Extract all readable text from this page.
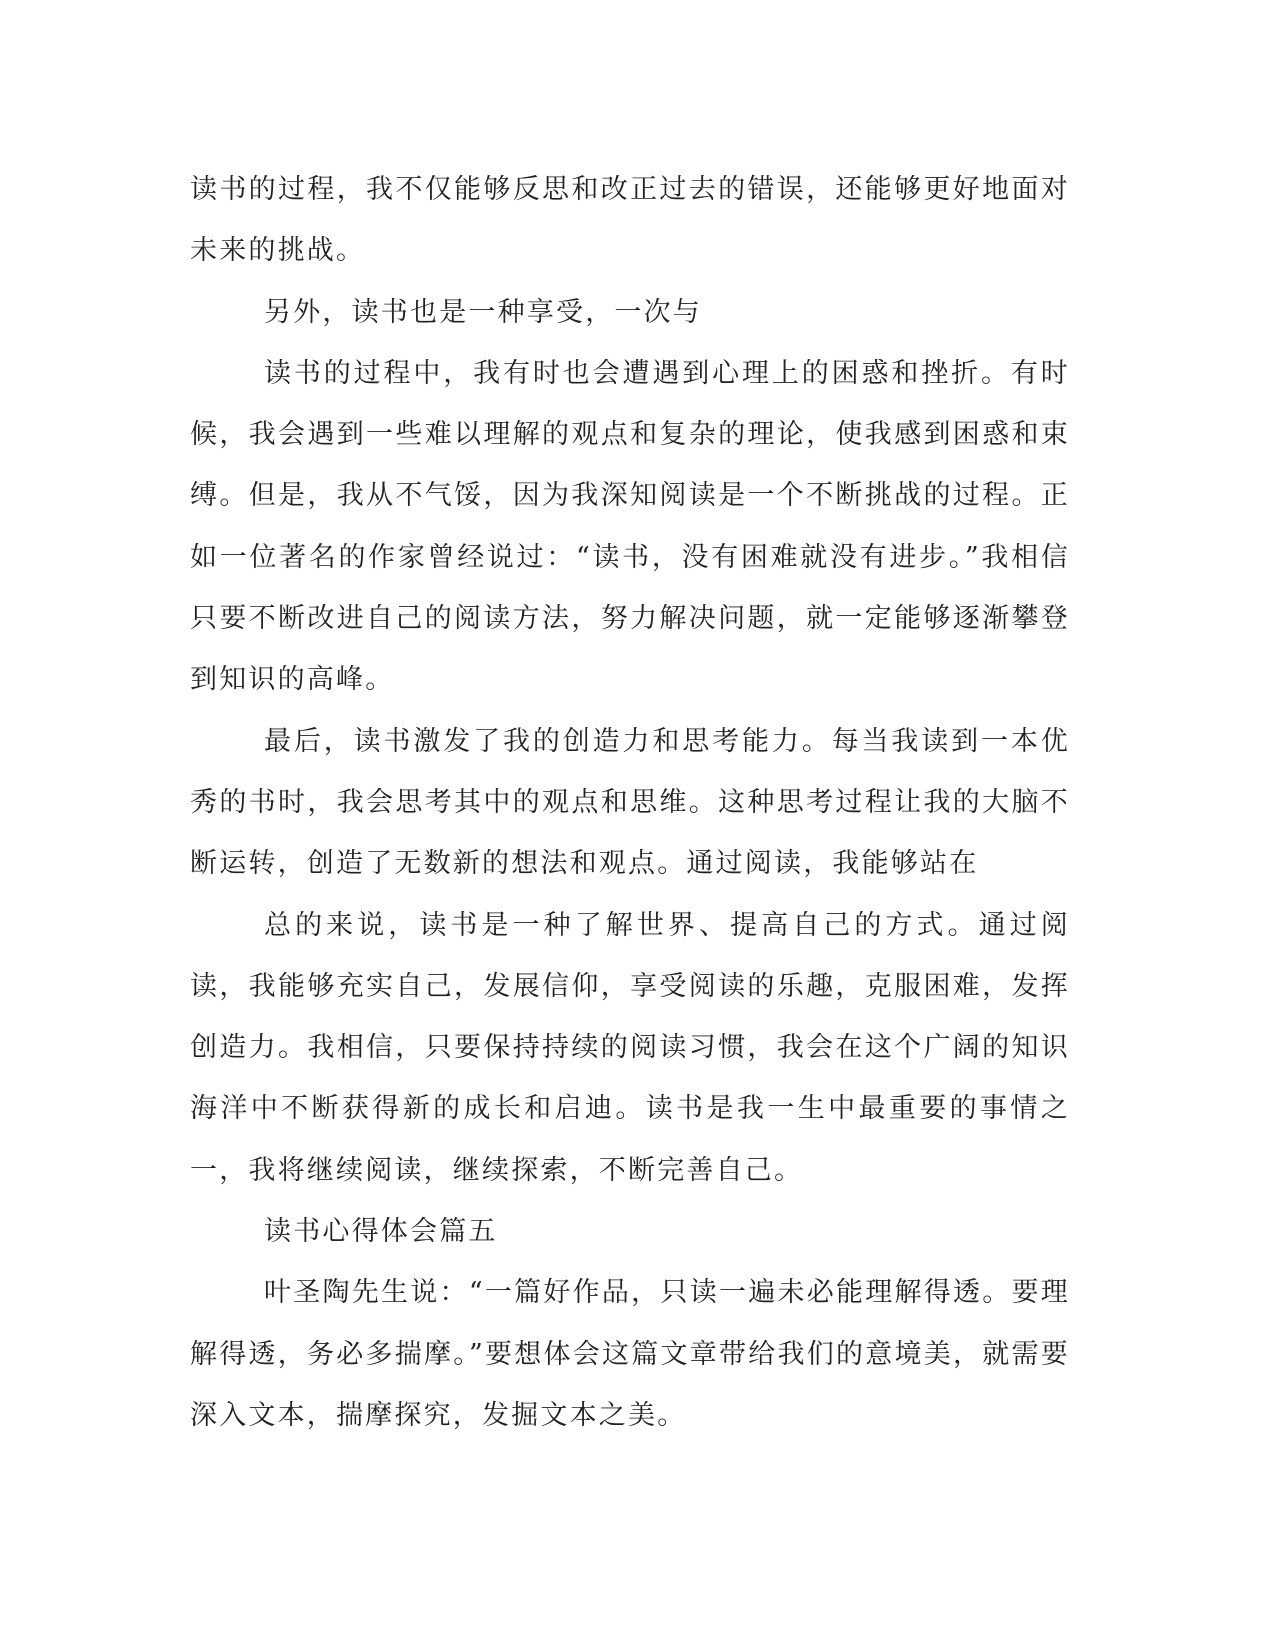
读书的过程，我不仅能够反思和改正过去的错误，还能够更好地面对未来的挑战。

另外，读书也是一种享受，一次与

读书的过程中，我有时也会遭遇到心理上的困惑和挫折。有时候，我会遇到一些难以理解的观点和复杂的理论，使我感到困惑和束缚。但是，我从不气馁，因为我深知阅读是一个不断挑战的过程。正如一位著名的作家曾经说过：“读书，没有困难就没有进步。”我相信只要不断改进自己的阅读方法，努力解决问题，就一定能够逐渐攀登到知识的高峰。

最后，读书激发了我的创造力和思考能力。每当我读到一本优秀的书时，我会思考其中的观点和思维。这种思考过程让我的大脑不断运转，创造了无数新的想法和观点。通过阅读，我能够站在

总的来说，读书是一种了解世界、提高自己的方式。通过阅读，我能够充实自己，发展信仰，享受阅读的乐趣，克服困难，发挥创造力。我相信，只要保持持续的阅读习惯，我会在这个广阔的知识海洋中不断获得新的成长和启迪。读书是我一生中最重要的事情之一，我将继续阅读，继续探索，不断完善自己。

读书心得体会篇五

叶圣陶先生说：“一篇好作品，只读一遍未必能理解得透。要理解得透，务必多揣摩。”要想体会这篇文章带给我们的意境美，就需要深入文本，揣摩探究，发掘文本之美。
